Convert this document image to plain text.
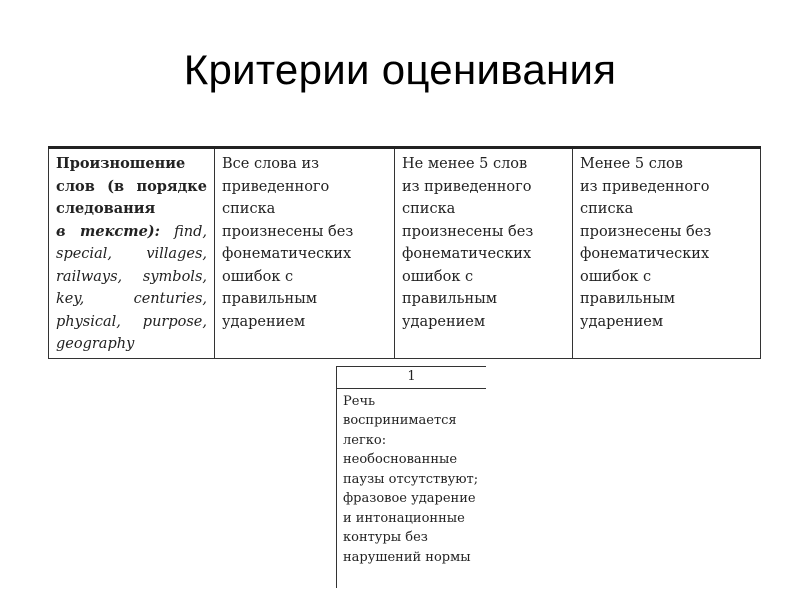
Критерии оценивания
Произношение
слов (в порядке
следования
в тексте): find, special, villages, railways, symbols, key, centuries, physical, purpose, geography

Все слова из
приведенного
списка
произнесены без
фонематических
ошибок с
правильным
ударением

Не менее 5 слов
из приведенного
списка
произнесены без
фонематических
ошибок с
правильным
ударением

Менее 5 слов
из приведенного
списка
произнесены без
фонематических
ошибок с
правильным
ударением
1

Речь
воспринимается
легко:
необоснованные
паузы отсутствуют;
фразовое ударение
и интонационные
контуры без
нарушений нормы
